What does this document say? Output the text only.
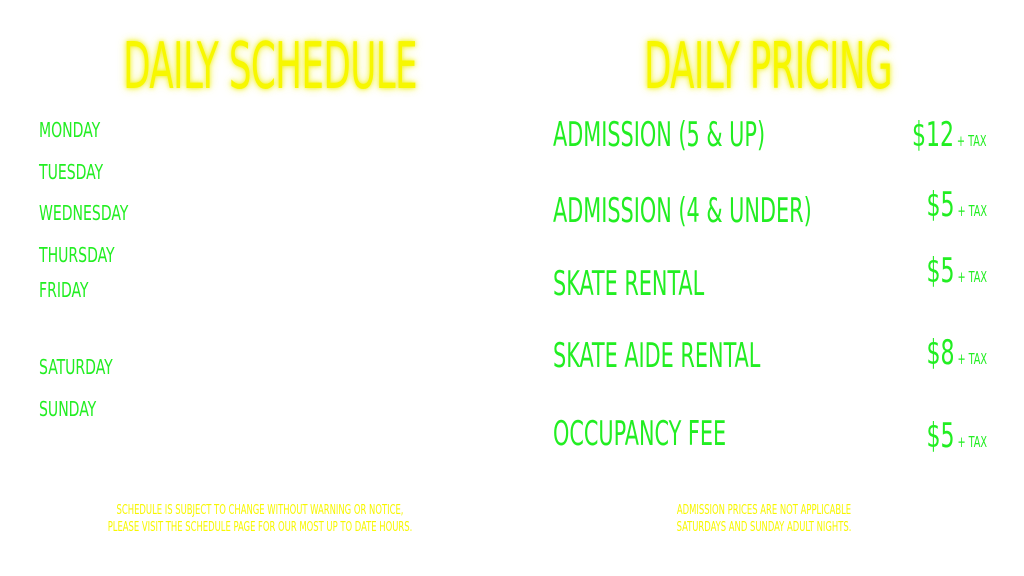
DAILY SCHEDULE	DAILY PRICING
MONDAY
TUESDAY
WEDNESDAY
THURSDAY
FRIDAY
SATURDAY
SUNDAY
ADMISSION (5 & UP)	$12 + TAX
ADMISSION (4 & UNDER)	$5 + TAX
SKATE RENTAL	$5 + TAX
SKATE AIDE RENTAL	$8 + TAX
OCCUPANCY FEE	$5 + TAX
SCHEDULE IS SUBJECT TO CHANGE WITHOUT WARNING OR NOTICE,
PLEASE VISIT THE SCHEDULE PAGE FOR OUR MOST UP TO DATE HOURS.
ADMISSION PRICES ARE NOT APPLICABLE
SATURDAYS AND SUNDAY ADULT NIGHTS.
